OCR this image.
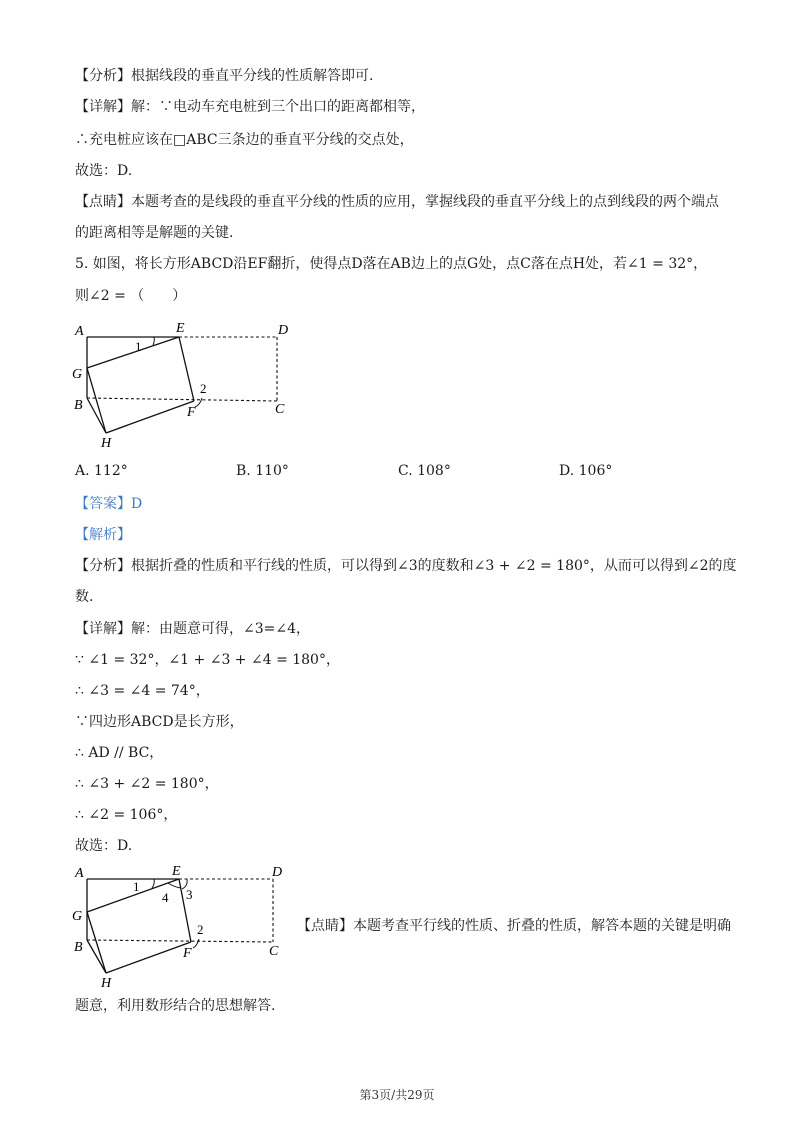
【分析】根据线段的垂直平分线的性质解答即可.
【详解】解：∵电动车充电桩到三个出口的距离都相等，
∴充电桩应该在□ABC三条边的垂直平分线的交点处，
故选：D.
【点睛】本题考查的是线段的垂直平分线的性质的应用，掌握线段的垂直平分线上的点到线段的两个端点
的距离相等是解题的关键.
5. 如图，将长方形ABCD沿EF翻折，使得点D落在AB边上的点G处，点C落在点H处，若∠1 = 32°，
则∠2 = （　　）
A	E	D
G
B	F	C
H
1
2
A. 112°	B. 110°	C. 108°	D. 106°
【答案】D
【解析】
【分析】根据折叠的性质和平行线的性质，可以得到∠3的度数和∠3 + ∠2 = 180°，从而可以得到∠2的度
数.
【详解】解：由题意可得，∠3=∠4，
∵ ∠1 = 32°，∠1 + ∠3 + ∠4 = 180°，
∴ ∠3 = ∠4 = 74°，
∵四边形ABCD是长方形，
∴ AD // BC，
∴ ∠3 + ∠2 = 180°，
∴ ∠2 = 106°，
故选：D.
A	E	D
G
B	F	C
H
1
4 3
2	【点睛】本题考查平行线的性质、折叠的性质，解答本题的关键是明确
题意，利用数形结合的思想解答.
第3页/共29页
